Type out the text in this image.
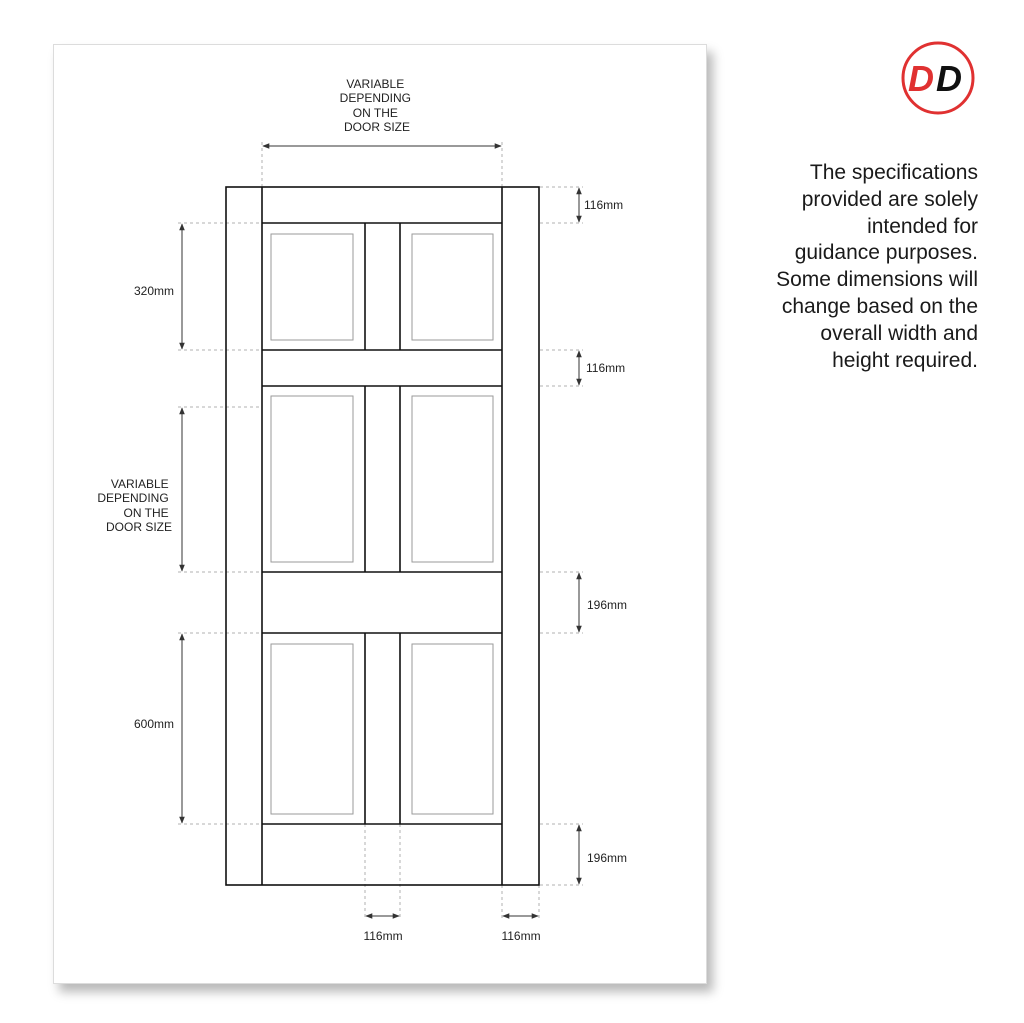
VARIABLE DEPENDING ON THE DOOR SIZE
VARIABLE DEPENDING ON THE DOOR SIZE
320mm
600mm
116mm
116mm
196mm
196mm
116mm	116mm
D D
The specifications
provided are solely
intended for
guidance purposes.
Some dimensions will
change based on the
overall width and
height required.
